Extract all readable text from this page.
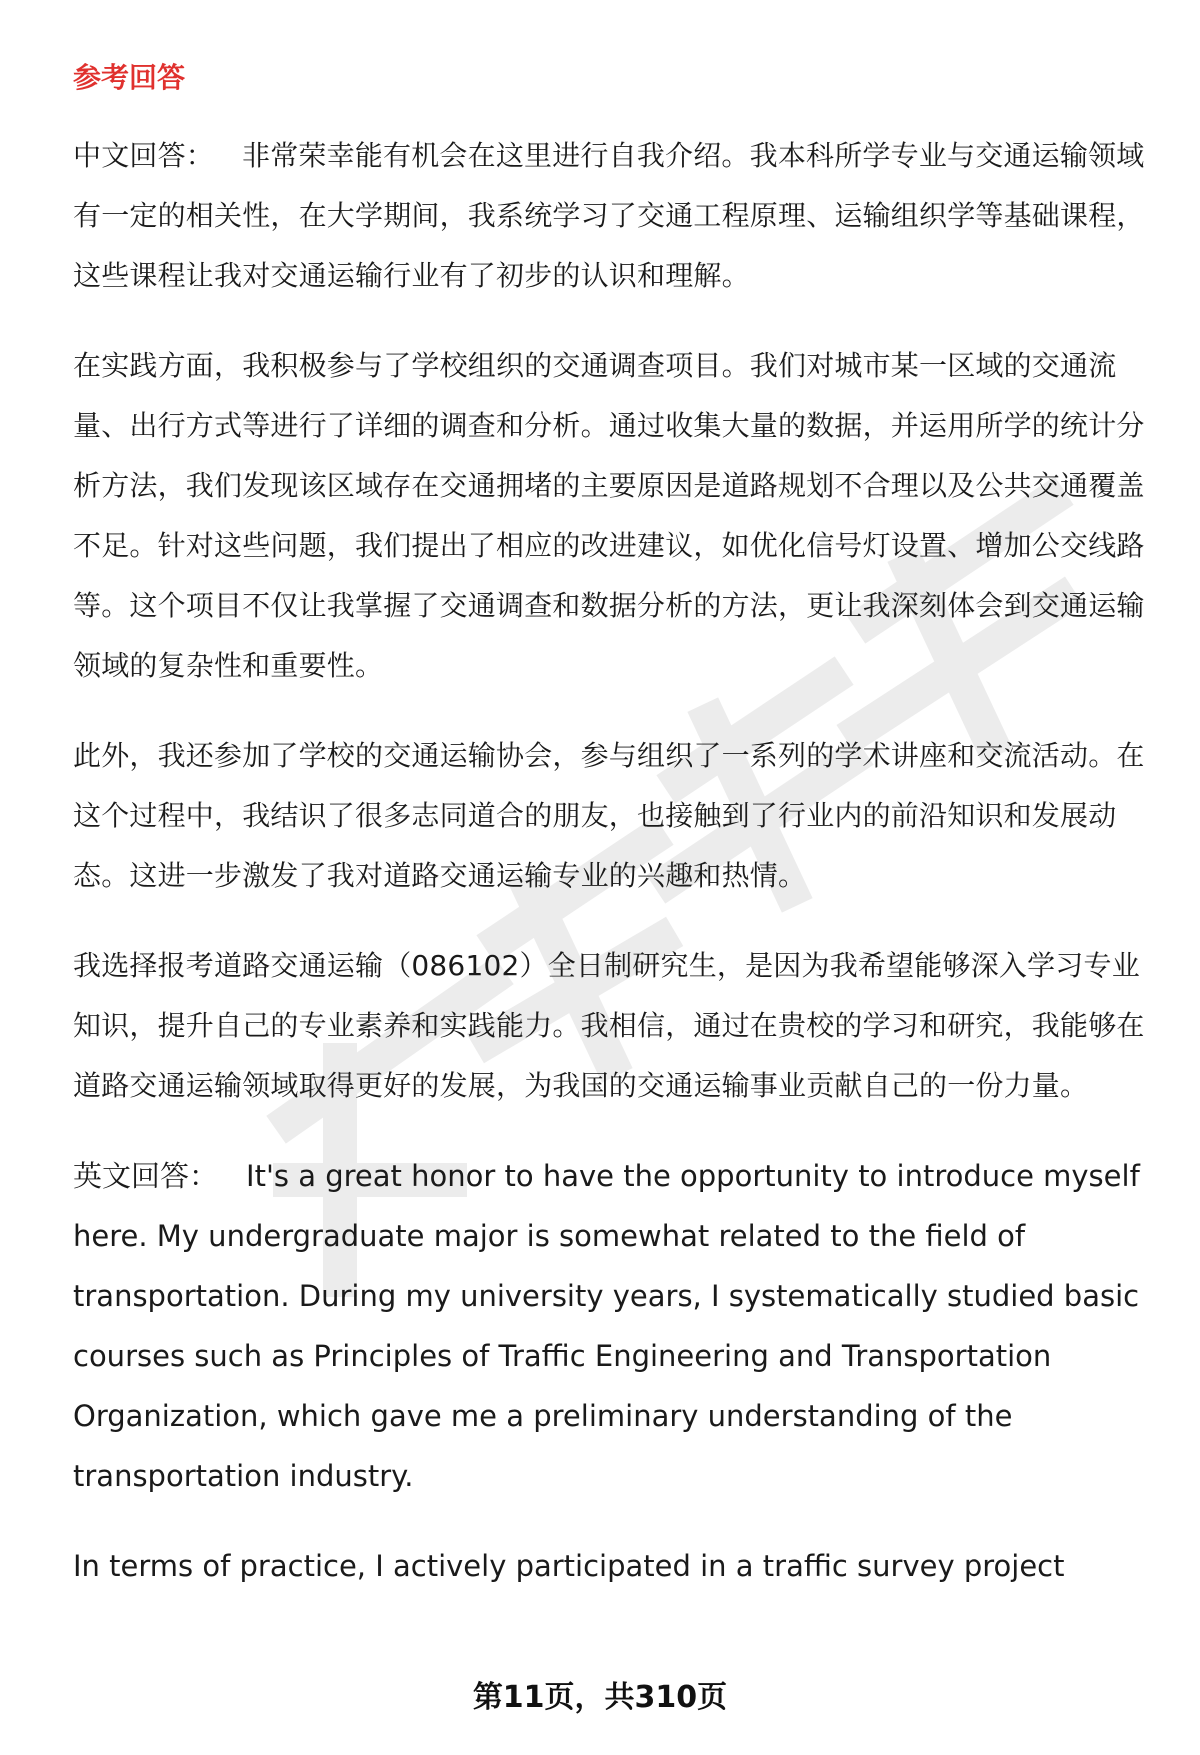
参考回答

中文回答： 非常荣幸能有机会在这里进行自我介绍。我本科所学专业与交通运输领域有一定的相关性，在大学期间，我系统学习了交通工程原理、运输组织学等基础课程，这些课程让我对交通运输行业有了初步的认识和理解。

在实践方面，我积极参与了学校组织的交通调查项目。我们对城市某一区域的交通流量、出行方式等进行了详细的调查和分析。通过收集大量的数据，并运用所学的统计分析方法，我们发现该区域存在交通拥堵的主要原因是道路规划不合理以及公共交通覆盖不足。针对这些问题，我们提出了相应的改进建议，如优化信号灯设置、增加公交线路等。这个项目不仅让我掌握了交通调查和数据分析的方法，更让我深刻体会到交通运输领域的复杂性和重要性。

此外，我还参加了学校的交通运输协会，参与组织了一系列的学术讲座和交流活动。在这个过程中，我结识了很多志同道合的朋友，也接触到了行业内的前沿知识和发展动态。这进一步激发了我对道路交通运输专业的兴趣和热情。

我选择报考道路交通运输（086102）全日制研究生，是因为我希望能够深入学习专业知识，提升自己的专业素养和实践能力。我相信，通过在贵校的学习和研究，我能够在道路交通运输领域取得更好的发展，为我国的交通运输事业贡献自己的一份力量。

英文回答： It's a great honor to have the opportunity to introduce myself here. My undergraduate major is somewhat related to the field of transportation. During my university years, I systematically studied basic courses such as Principles of Traffic Engineering and Transportation Organization, which gave me a preliminary understanding of the transportation industry.

In terms of practice, I actively participated in a traffic survey project

第11页，共310页
